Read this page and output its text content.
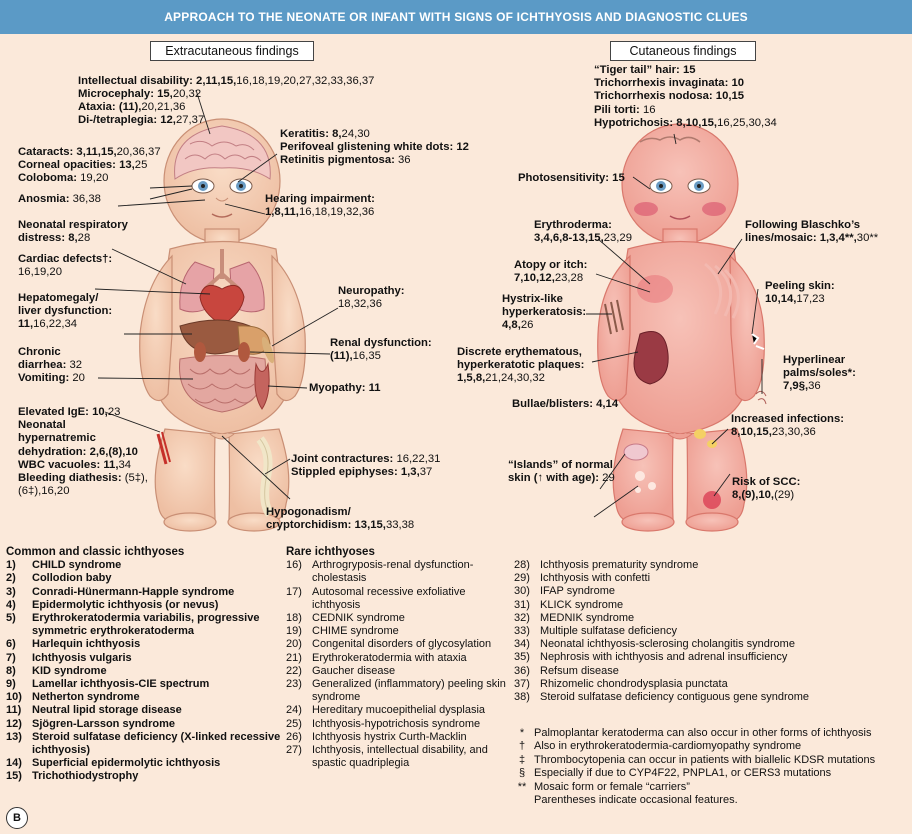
APPROACH TO THE NEONATE OR INFANT WITH SIGNS OF ICHTHYOSIS AND DIAGNOSTIC CLUES
Extracutaneous findings	Cutaneous findings
Intellectual disability: 2,11,15,16,18,19,20,27,32,33,36,37
Microcephaly: 15,20,32
Ataxia: (11),20,21,36
Di-/tetraplegia: 12,27,37
Cataracts: 3,11,15,20,36,37
Corneal opacities: 13,25
Coloboma: 19,20
Anosmia: 36,38
Neonatal respiratory
distress: 8,28
Cardiac defects†:
16,19,20
Hepatomegaly/
liver dysfunction:
11,16,22,34
Chronic
diarrhea: 32
Vomiting: 20
Elevated IgE: 10,23
Neonatal
hypernatremic
dehydration: 2,6,(8),10
WBC vacuoles: 11,34
Bleeding diathesis: (5‡),
(6‡),16,20
Keratitis: 8,24,30
Perifoveal glistening white dots: 12
Retinitis pigmentosa: 36
Hearing impairment:
1,8,11,16,18,19,32,36
Neuropathy:
18,32,36
Renal dysfunction:
(11),16,35
Myopathy: 11
Joint contractures: 16,22,31
Stippled epiphyses: 1,3,37
Hypogonadism/
cryptorchidism: 13,15,33,38
“Tiger tail” hair: 15
Trichorrhexis invaginata: 10
Trichorrhexis nodosa: 10,15
Pili torti: 16
Hypotrichosis: 8,10,15,16,25,30,34
Photosensitivity: 15
Erythroderma:
3,4,6,8-13,15,23,29
Following Blaschko’s
lines/mosaic: 1,3,4**,30**
Atopy or itch:
7,10,12,23,28
Hystrix-like
hyperkeratosis:
4,8,26
Peeling skin:
10,14,17,23
Discrete erythematous,
hyperkeratotic plaques:
1,5,8,21,24,30,32
Hyperlinear
palms/soles*:
7,9§,36
Bullae/blisters: 4,14
Increased infections:
8,10,15,23,30,36
“Islands” of normal
skin (↑ with age): 29	Risk of SCC:
8,(9),10,(29)
Common and classic ichthyoses
1)	CHILD syndrome
2)	Collodion baby
3)	Conradi-Hünermann-Happle syndrome
4)	Epidermolytic ichthyosis (or nevus)
5)	Erythrokeratodermia variabilis, progressive symmetric erythrokeratoderma
6)	Harlequin ichthyosis
7)	Ichthyosis vulgaris
8)	KID syndrome
9)	Lamellar ichthyosis-CIE spectrum
10) Netherton syndrome
11) Neutral lipid storage disease
12) Sjögren-Larsson syndrome
13) Steroid sulfatase deficiency (X-linked recessive ichthyosis)
14) Superficial epidermolytic ichthyosis
15) Trichothiodystrophy
Rare ichthyoses
16) Arthrogryposis-renal dysfunction-cholestasis
17) Autosomal recessive exfoliative ichthyosis
18) CEDNIK syndrome
19) CHIME syndrome
20) Congenital disorders of glycosylation
21) Erythrokeratodermia with ataxia
22) Gaucher disease
23) Generalized (inflammatory) peeling skin syndrome
24) Hereditary mucoepithelial dysplasia
25) Ichthyosis-hypotrichosis syndrome
26) Ichthyosis hystrix Curth-Macklin
27) Ichthyosis, intellectual disability, and spastic quadriplegia
28) Ichthyosis prematurity syndrome
29) Ichthyosis with confetti
30) IFAP syndrome
31) KLICK syndrome
32) MEDNIK syndrome
33) Multiple sulfatase deficiency
34) Neonatal ichthyosis-sclerosing cholangitis syndrome
35) Nephrosis with ichthyosis and adrenal insufficiency
36) Refsum disease
37) Rhizomelic chondrodysplasia punctata
38) Steroid sulfatase deficiency contiguous gene syndrome
* Palmoplantar keratoderma can also occur in other forms of ichthyosis
† Also in erythrokeratodermia-cardiomyopathy syndrome
‡ Thrombocytopenia can occur in patients with biallelic KDSR mutations
§ Especially if due to CYP4F22, PNPLA1, or CERS3 mutations
** Mosaic form or female “carriers”
Parentheses indicate occasional features.
B
